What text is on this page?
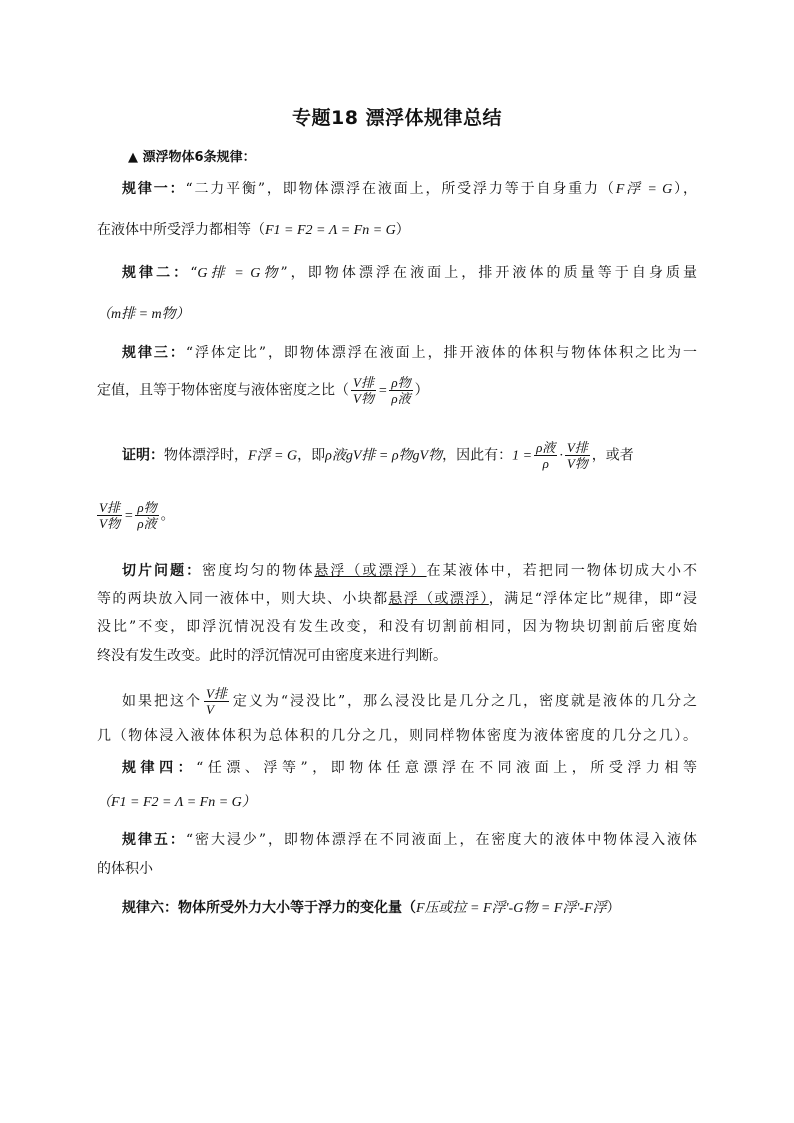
专题18 漂浮体规律总结
▲ 漂浮物体6条规律：
规律一：“二力平衡”，即物体漂浮在液面上，所受浮力等于自身重力（F浮 = G），
在液体中所受浮力都相等（F1 = F2 = Λ = Fn = G）
规律二：“G排 = G物”，即物体漂浮在液面上，排开液体的质量等于自身质量
（m排 = m物）
规律三：“浮体定比”，即物体漂浮在液面上，排开液体的体积与物体体积之比为一
定值，且等于物体密度与液体密度之比（ $\frac{\text{V排}}{\text{V物}} = \frac{\text{ρ物}}{\text{ρ液}}$ ）
证明：物体漂浮时，F浮 = G，即ρ液gV排 = ρ物gV物，因此有：$1 = \frac{\text{ρ液}}{\rho} \cdot \frac{\text{V排}}{\text{V物}}$ ，或者
$\frac{\text{V排}}{\text{V物}} = \frac{\text{ρ物}}{\text{ρ液}}$ 。
切片问题：密度均匀的物体悬浮（或漂浮）在某液体中，若把同一物体切成大小不
等的两块放入同一液体中，则大块、小块都悬浮（或漂浮），满足“浮体定比”规律，即“浸
没比”不变，即浮沉情况没有发生改变，和没有切割前相同，因为物块切割前后密度始
终没有发生改变。此时的浮沉情况可由密度来进行判断。
如果把这个 $\frac{\text{V排}}{V}$ 定义为“浸没比”，那么浸没比是几分之几，密度就是液体的几分之
几（物体浸入液体体积为总体积的几分之几，则同样物体密度为液体密度的几分之几）。
规律四：“任漂、浮等”，即物体任意漂浮在不同液面上，所受浮力相等
（F1 = F2 = Λ = Fn = G）
规律五：“密大浸少”，即物体漂浮在不同液面上，在密度大的液体中物体浸入液体
的体积小
规律六：物体所受外力大小等于浮力的变化量（F压或拉 = F浮'-G物 = F浮'-F浮）
